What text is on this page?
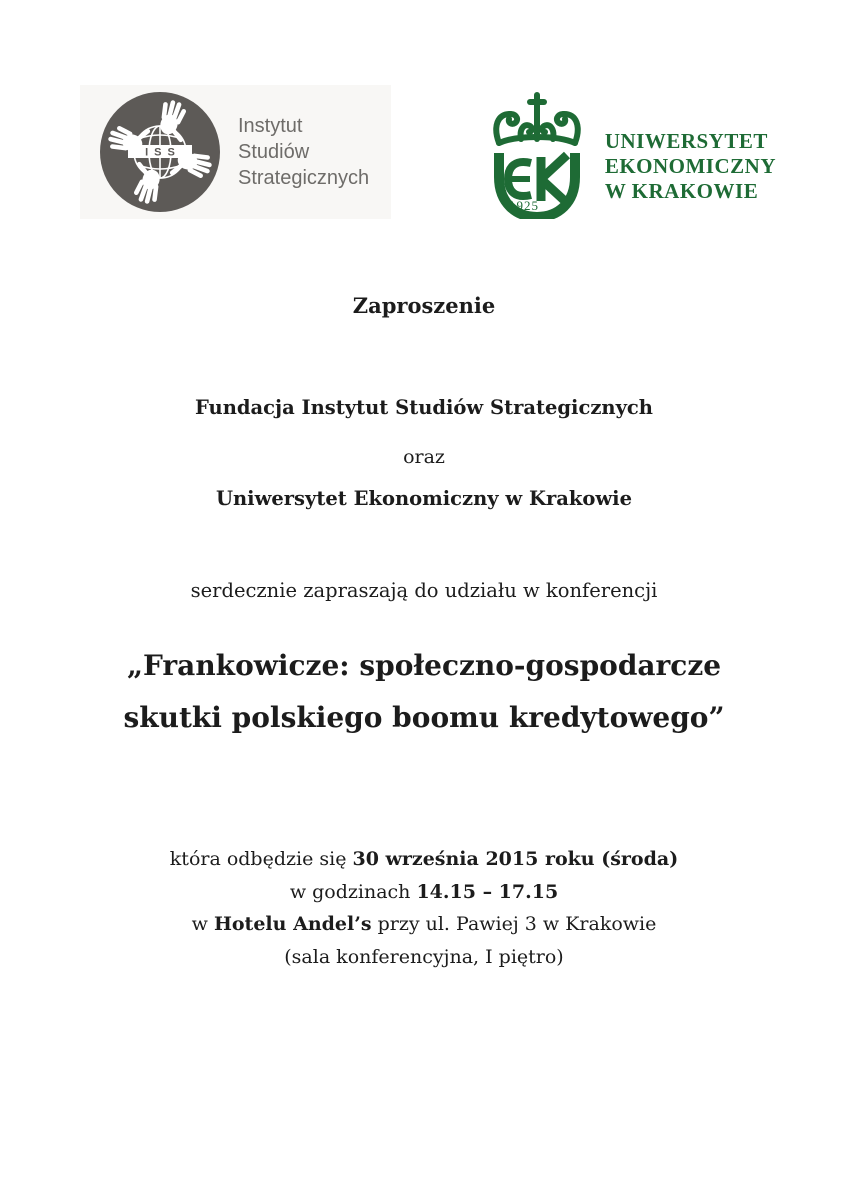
ISS
Instytut
Studiów
Strategicznych
1925
UNIWERSYTET
EKONOMICZNY
W KRAKOWIE
Zaproszenie
Fundacja Instytut Studiów Strategicznych
oraz
Uniwersytet Ekonomiczny w Krakowie
serdecznie zapraszają do udziału w konferencji
„Frankowicze: społeczno-gospodarcze
skutki polskiego boomu kredytowego”
która odbędzie się 30 września 2015 roku (środa)
w godzinach 14.15 – 17.15
w Hotelu Andel’s przy ul. Pawiej 3 w Krakowie
(sala konferencyjna, I piętro)
